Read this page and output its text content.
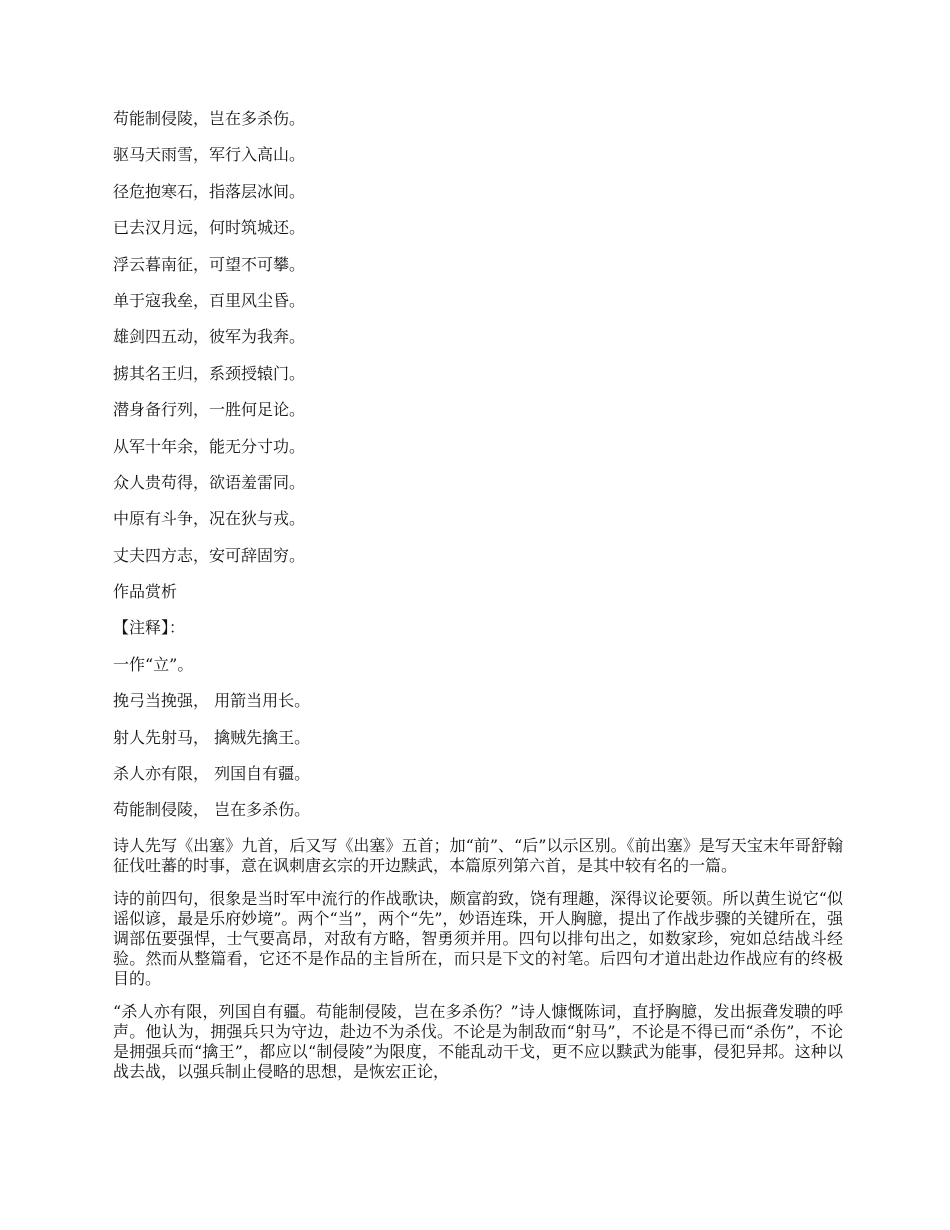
苟能制侵陵，岂在多杀伤。
驱马天雨雪，军行入高山。
径危抱寒石，指落层冰间。
已去汉月远，何时筑城还。
浮云暮南征，可望不可攀。
单于寇我垒，百里风尘昏。
雄剑四五动，彼军为我奔。
掳其名王归，系颈授辕门。
潜身备行列，一胜何足论。
从军十年余，能无分寸功。
众人贵苟得，欲语羞雷同。
中原有斗争，况在狄与戎。
丈夫四方志，安可辞固穷。
作品赏析
【注释】：
一作“立”。
挽弓当挽强， 用箭当用长。
射人先射马， 擒贼先擒王。
杀人亦有限， 列国自有疆。
苟能制侵陵， 岂在多杀伤。

诗人先写《出塞》九首，后又写《出塞》五首；加“前”、“后”以示区别。《前出塞》是写天宝末年哥舒翰征伐吐蕃的时事，意在讽刺唐玄宗的开边黩武，本篇原列第六首，是其中较有名的一篇。

诗的前四句，很象是当时军中流行的作战歌诀，颇富韵致，饶有理趣，深得议论要领。所以黄生说它“似谣似谚，最是乐府妙境”。两个“当”，两个“先”，妙语连珠，开人胸臆，提出了作战步骤的关键所在，强调部伍要强悍，士气要高昂，对敌有方略，智勇须并用。四句以排句出之，如数家珍，宛如总结战斗经验。然而从整篇看，它还不是作品的主旨所在，而只是下文的衬笔。后四句才道出赴边作战应有的终极目的。

“杀人亦有限，列国自有疆。苟能制侵陵，岂在多杀伤？”诗人慷慨陈词，直抒胸臆，发出振聋发聩的呼声。他认为，拥强兵只为守边，赴边不为杀伐。不论是为制敌而“射马”，不论是不得已而“杀伤”，不论是拥强兵而“擒王”，都应以“制侵陵”为限度，不能乱动干戈，更不应以黩武为能事，侵犯异邦。这种以战去战，以强兵制止侵略的思想，是恢宏正论，
